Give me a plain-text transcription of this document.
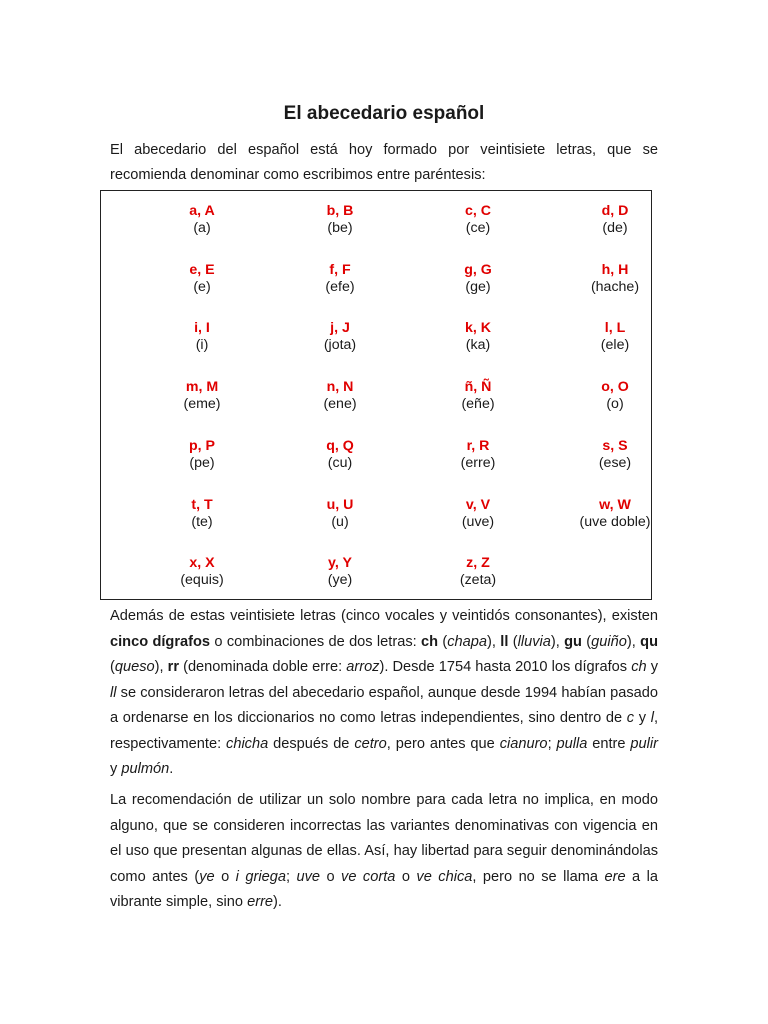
El abecedario español
El abecedario del español está hoy formado por veintisiete letras, que se recomienda denominar como escribimos entre paréntesis:
a, A
(a)
b, B
(be)
c, C
(ce)
d, D
(de)
e, E
(e)
f, F
(efe)
g, G
(ge)
h, H
(hache)
i, I
(i)
j, J
(jota)
k, K
(ka)
l, L
(ele)
m, M
(eme)
n, N
(ene)
ñ, Ñ
(eñe)
o, O
(o)
p, P
(pe)
q, Q
(cu)
r, R
(erre)
s, S
(ese)
t, T
(te)
u, U
(u)
v, V
(uve)
w, W
(uve doble)
x, X
(equis)
y, Y
(ye)
z, Z
(zeta)
Además de estas veintisiete letras (cinco vocales y veintidós consonantes), existen cinco dígrafos o combinaciones de dos letras: ch (chapa), ll (lluvia), gu (guiño), qu (queso), rr (denominada doble erre: arroz). Desde 1754 hasta 2010 los dígrafos ch y ll se consideraron letras del abecedario español, aunque desde 1994 habían pasado a ordenarse en los diccionarios no como letras independientes, sino dentro de c y l, respectivamente: chicha después de cetro, pero antes que cianuro; pulla entre pulir y pulmón.
La recomendación de utilizar un solo nombre para cada letra no implica, en modo alguno, que se consideren incorrectas las variantes denominativas con vigencia en el uso que presentan algunas de ellas. Así, hay libertad para seguir denominándolas como antes (ye o i griega; uve o ve corta o ve chica, pero no se llama ere a la vibrante simple, sino erre).
